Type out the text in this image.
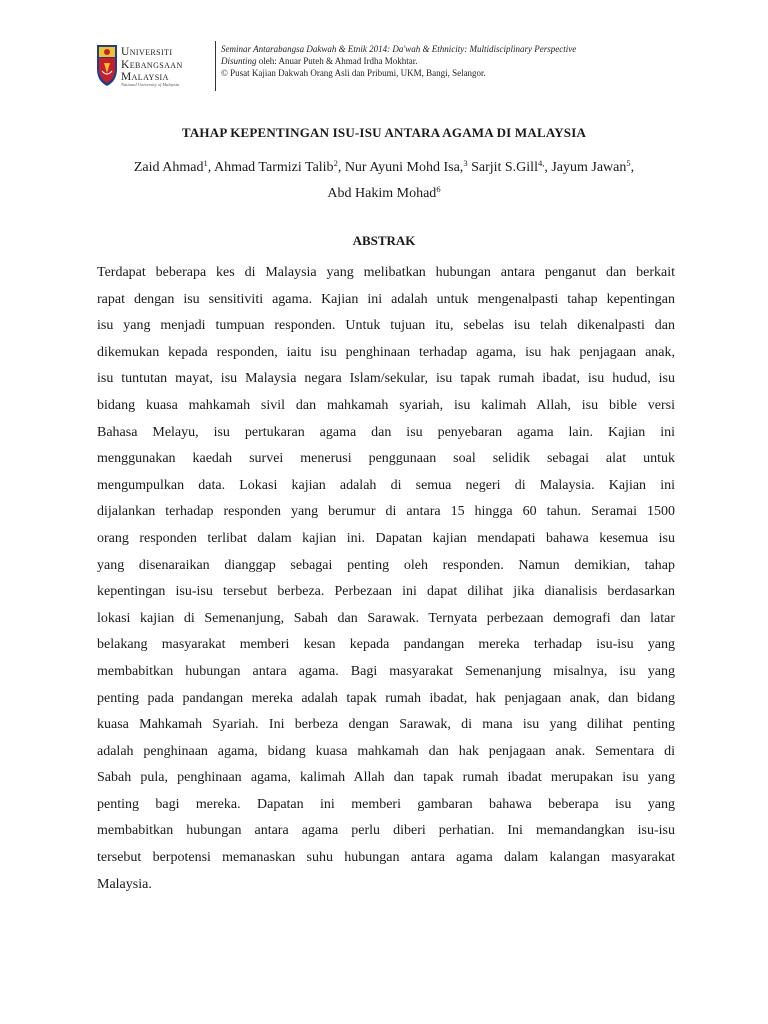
Universiti
Kebangsaan
Malaysia
National University of Malaysia
Seminar Antarabangsa Dakwah & Etnik 2014: Da'wah & Ethnicity: Multidisciplinary Perspective
Disunting oleh: Anuar Puteh & Ahmad Irdha Mokhtar.
© Pusat Kajian Dakwah Orang Asli dan Pribumi, UKM, Bangi, Selangor.
TAHAP KEPENTINGAN ISU-ISU ANTARA AGAMA DI MALAYSIA
Zaid Ahmad$^1$, Ahmad Tarmizi Talib$^2$, Nur Ayuni Mohd Isa,$^3$ Sarjit S.Gill$^{4,}$, Jayum Jawan$^5$,
Abd Hakim Mohad$^6$
ABSTRAK
Terdapat beberapa kes di Malaysia yang melibatkan hubungan antara penganut dan berkait
rapat dengan isu sensitiviti agama. Kajian ini adalah untuk mengenalpasti tahap kepentingan
isu yang menjadi tumpuan responden. Untuk tujuan itu, sebelas isu telah dikenalpasti dan
dikemukan kepada responden, iaitu isu penghinaan terhadap agama, isu hak penjagaan anak,
isu tuntutan mayat, isu Malaysia negara Islam/sekular, isu tapak rumah ibadat, isu hudud, isu
bidang kuasa mahkamah sivil dan mahkamah syariah, isu kalimah Allah, isu bible versi
Bahasa Melayu, isu pertukaran agama dan isu penyebaran agama lain. Kajian ini
menggunakan kaedah survei menerusi penggunaan soal selidik sebagai alat untuk
mengumpulkan data. Lokasi kajian adalah di semua negeri di Malaysia. Kajian ini
dijalankan terhadap responden yang berumur di antara 15 hingga 60 tahun. Seramai 1500
orang responden terlibat dalam kajian ini. Dapatan kajian mendapati bahawa kesemua isu
yang disenaraikan dianggap sebagai penting oleh responden. Namun demikian, tahap
kepentingan isu-isu tersebut berbeza. Perbezaan ini dapat dilihat jika dianalisis berdasarkan
lokasi kajian di Semenanjung, Sabah dan Sarawak. Ternyata perbezaan demografi dan latar
belakang masyarakat memberi kesan kepada pandangan mereka terhadap isu-isu yang
membabitkan hubungan antara agama. Bagi masyarakat Semenanjung misalnya, isu yang
penting pada pandangan mereka adalah tapak rumah ibadat, hak penjagaan anak, dan bidang
kuasa Mahkamah Syariah. Ini berbeza dengan Sarawak, di mana isu yang dilihat penting
adalah penghinaan agama, bidang kuasa mahkamah dan hak penjagaan anak. Sementara di
Sabah pula, penghinaan agama, kalimah Allah dan tapak rumah ibadat merupakan isu yang
penting bagi mereka. Dapatan ini memberi gambaran bahawa beberapa isu yang
membabitkan hubungan antara agama perlu diberi perhatian. Ini memandangkan isu-isu
tersebut berpotensi memanaskan suhu hubungan antara agama dalam kalangan masyarakat
Malaysia.
